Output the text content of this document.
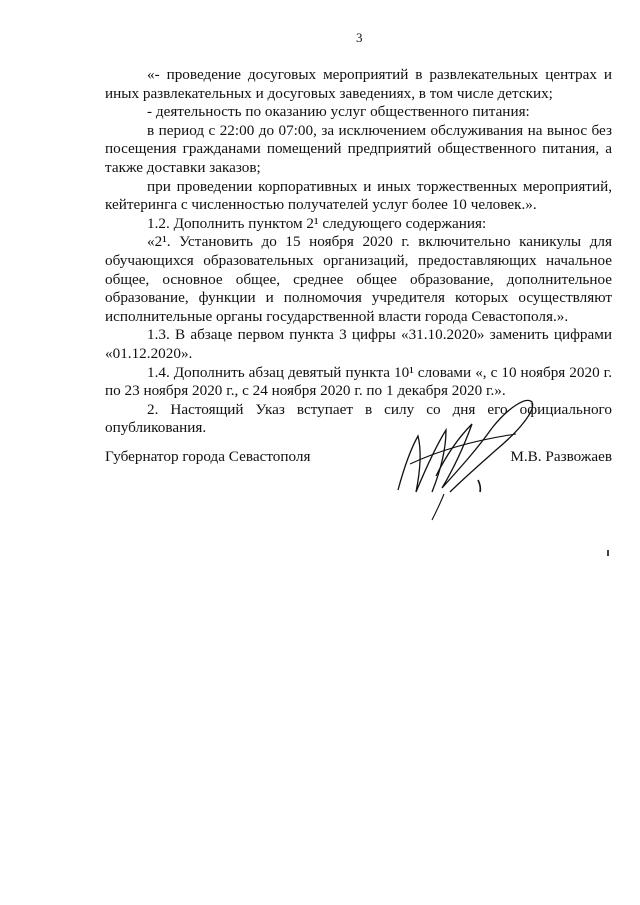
3

«- проведение досуговых мероприятий в развлекательных центрах и иных развлекательных и досуговых заведениях, в том числе детских;

- деятельность по оказанию услуг общественного питания:

в период с 22:00 до 07:00, за исключением обслуживания на вынос без посещения гражданами помещений предприятий общественного питания, а также доставки заказов;

при проведении корпоративных и иных торжественных мероприятий, кейтеринга с численностью получателей услуг более 10 человек.».

1.2. Дополнить пунктом 2¹ следующего содержания:

«2¹. Установить до 15 ноября 2020 г. включительно каникулы для обучающихся образовательных организаций, предоставляющих начальное общее, основное общее, среднее общее образование, дополнительное образование, функции и полномочия учредителя которых осуществляют исполнительные органы государственной власти города Севастополя.».

1.3. В абзаце первом пункта 3 цифры «31.10.2020» заменить цифрами «01.12.2020».

1.4. Дополнить абзац девятый пункта 10¹ словами «, с 10 ноября 2020 г. по 23 ноября 2020 г., с 24 ноября 2020 г. по 1 декабря 2020 г.».

2. Настоящий Указ вступает в силу со дня его официального опубликования.

Губернатор города Севастополя	М.В. Развожаев
